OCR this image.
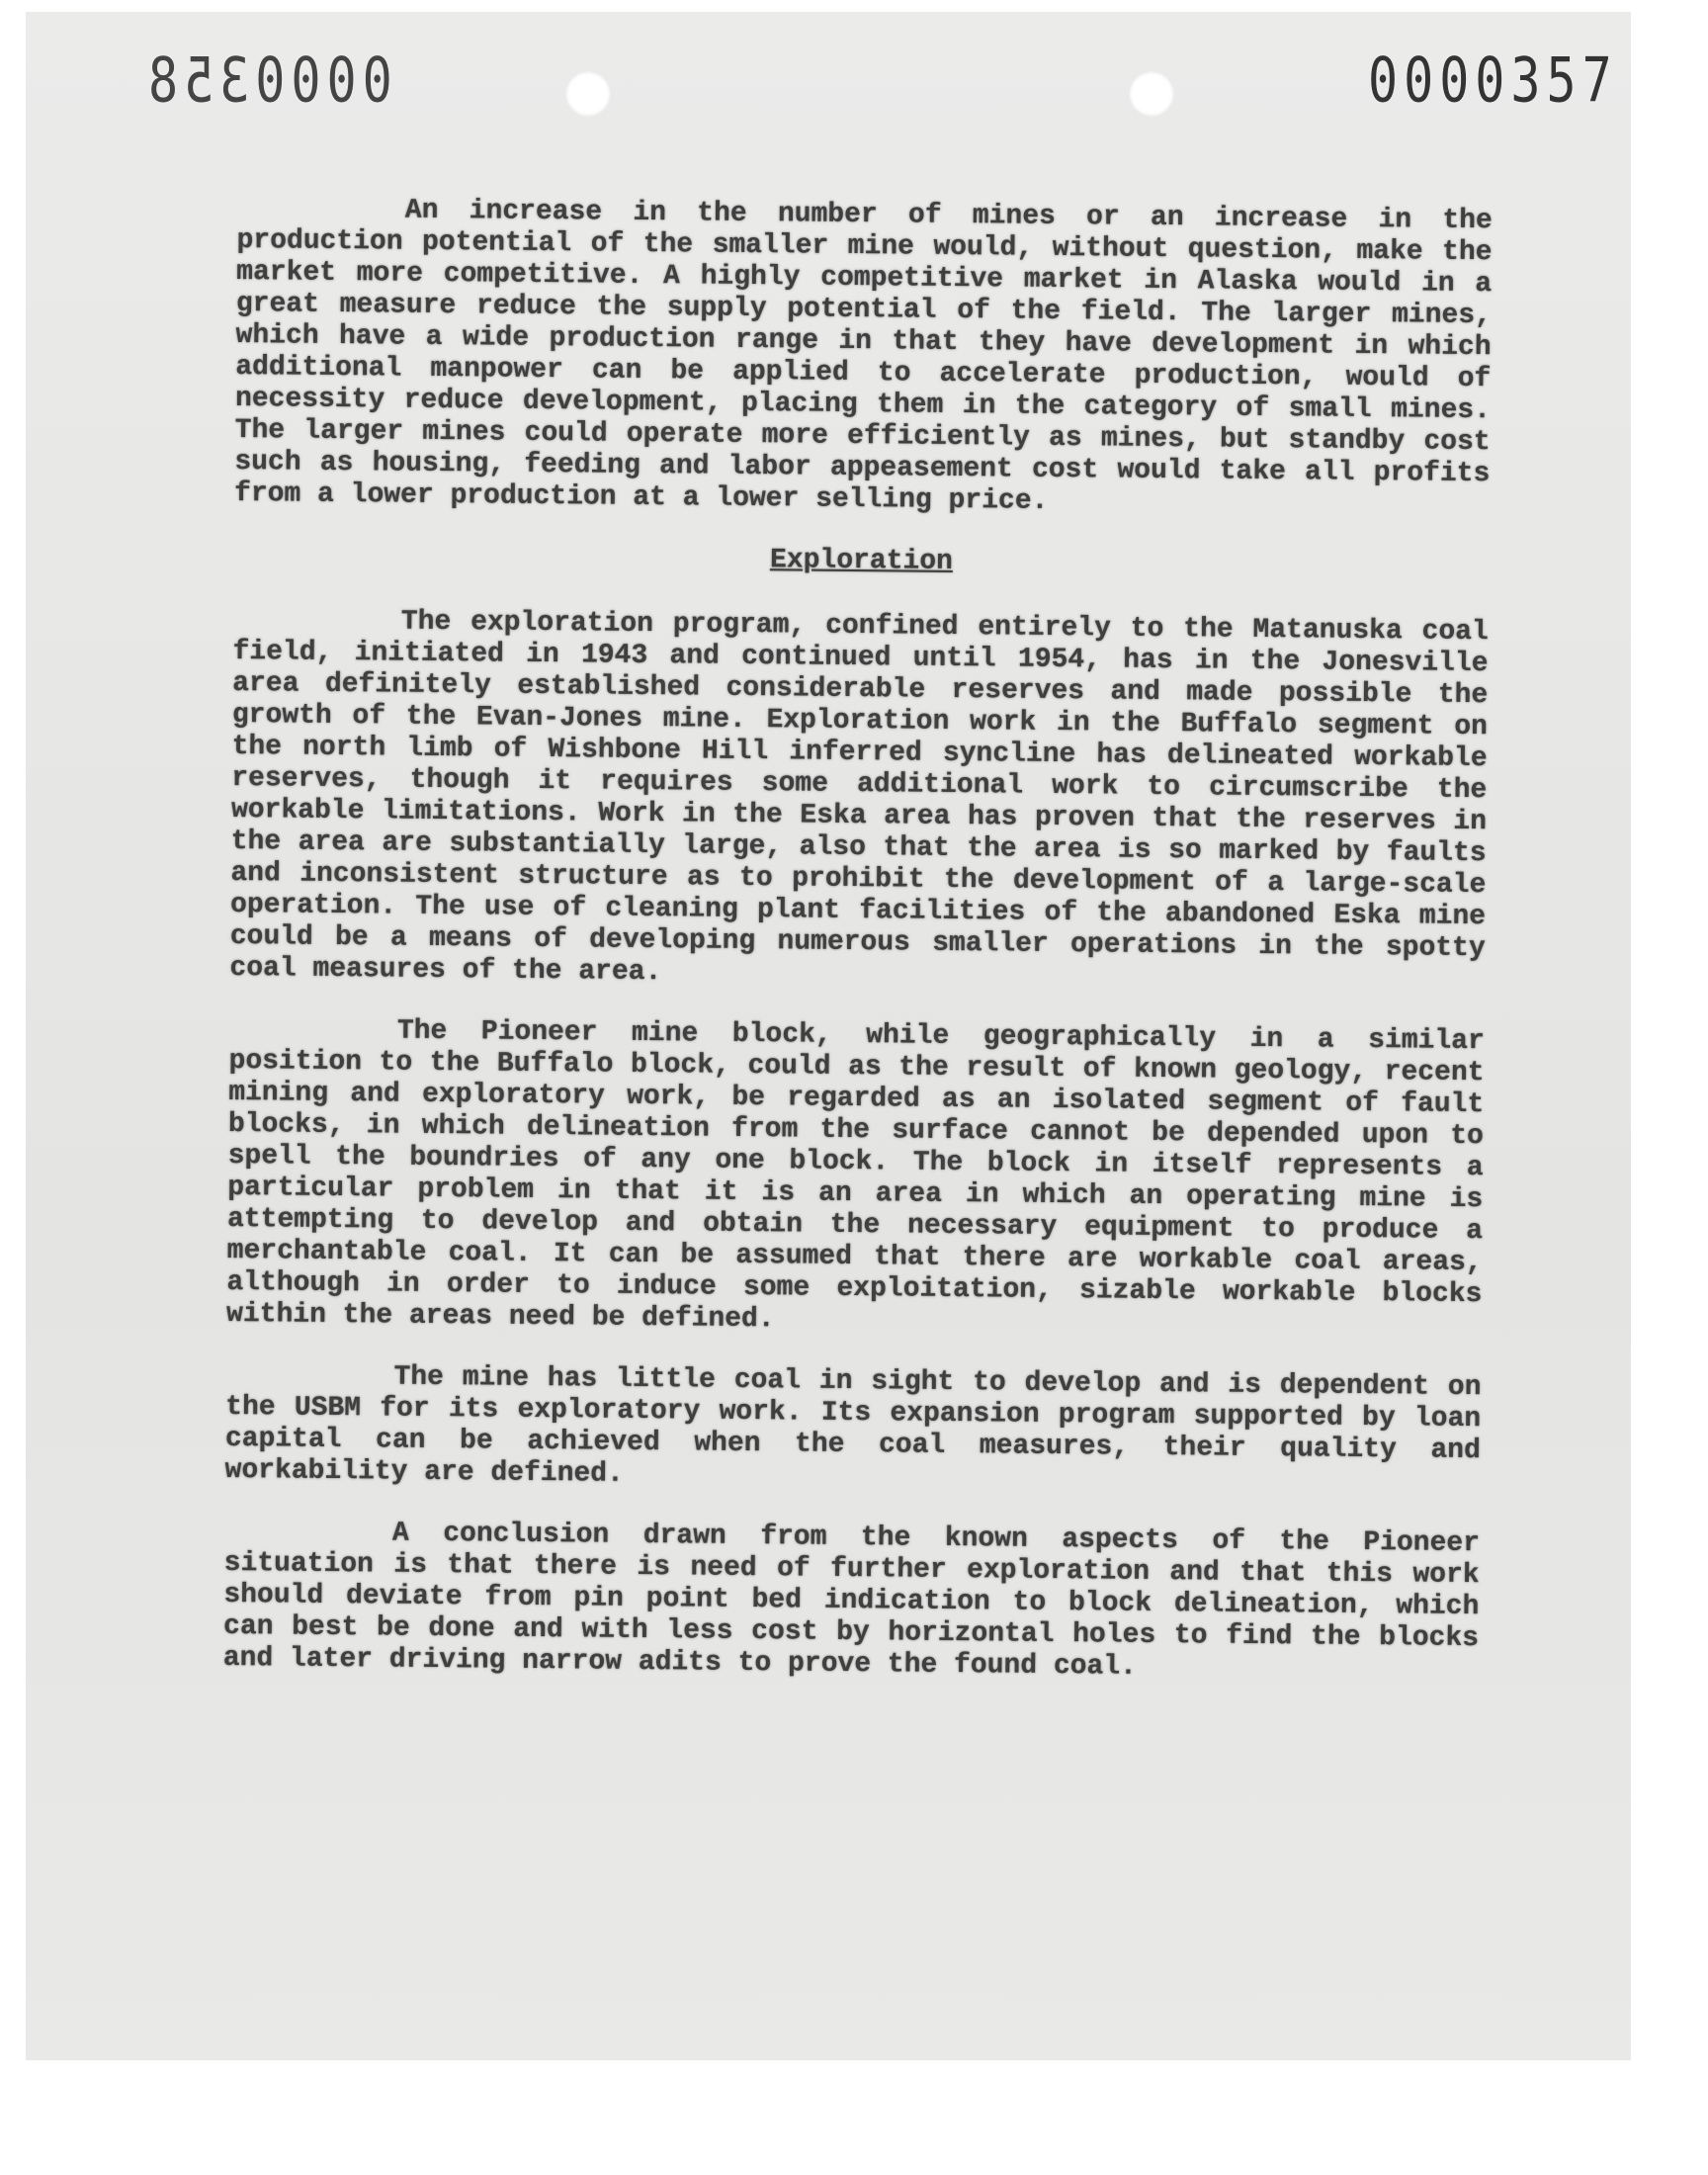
0000358	0000357

An increase in the number of mines or an increase in the production potential of the smaller mine would, without question, make the market more competitive. A highly competitive market in Alaska would in a great measure reduce the supply potential of the field. The larger mines, which have a wide production range in that they have development in which additional manpower can be applied to accelerate production, would of necessity reduce development, placing them in the category of small mines. The larger mines could operate more efficiently as mines, but standby cost such as housing, feeding and labor appeasement cost would take all profits from a lower production at a lower selling price.

Exploration

The exploration program, confined entirely to the Matanuska coal field, initiated in 1943 and continued until 1954, has in the Jonesville area definitely established considerable reserves and made possible the growth of the Evan-Jones mine. Exploration work in the Buffalo segment on the north limb of Wishbone Hill inferred syncline has delineated workable reserves, though it requires some additional work to circumscribe the workable limitations. Work in the Eska area has proven that the reserves in the area are substantially large, also that the area is so marked by faults and inconsistent structure as to prohibit the development of a large-scale operation. The use of cleaning plant facilities of the abandoned Eska mine could be a means of developing numerous smaller operations in the spotty coal measures of the area.

The Pioneer mine block, while geographically in a similar position to the Buffalo block, could as the result of known geology, recent mining and exploratory work, be regarded as an isolated segment of fault blocks, in which delineation from the surface cannot be depended upon to spell the boundries of any one block. The block in itself represents a particular problem in that it is an area in which an operating mine is attempting to develop and obtain the necessary equipment to produce a merchantable coal. It can be assumed that there are workable coal areas, although in order to induce some exploitation, sizable workable blocks within the areas need be defined.

The mine has little coal in sight to develop and is dependent on the USBM for its exploratory work. Its expansion program supported by loan capital can be achieved when the coal measures, their quality and workability are defined.

A conclusion drawn from the known aspects of the Pioneer situation is that there is need of further exploration and that this work should deviate from pin point bed indication to block delineation, which can best be done and with less cost by horizontal holes to find the blocks and later driving narrow adits to prove the found coal.
